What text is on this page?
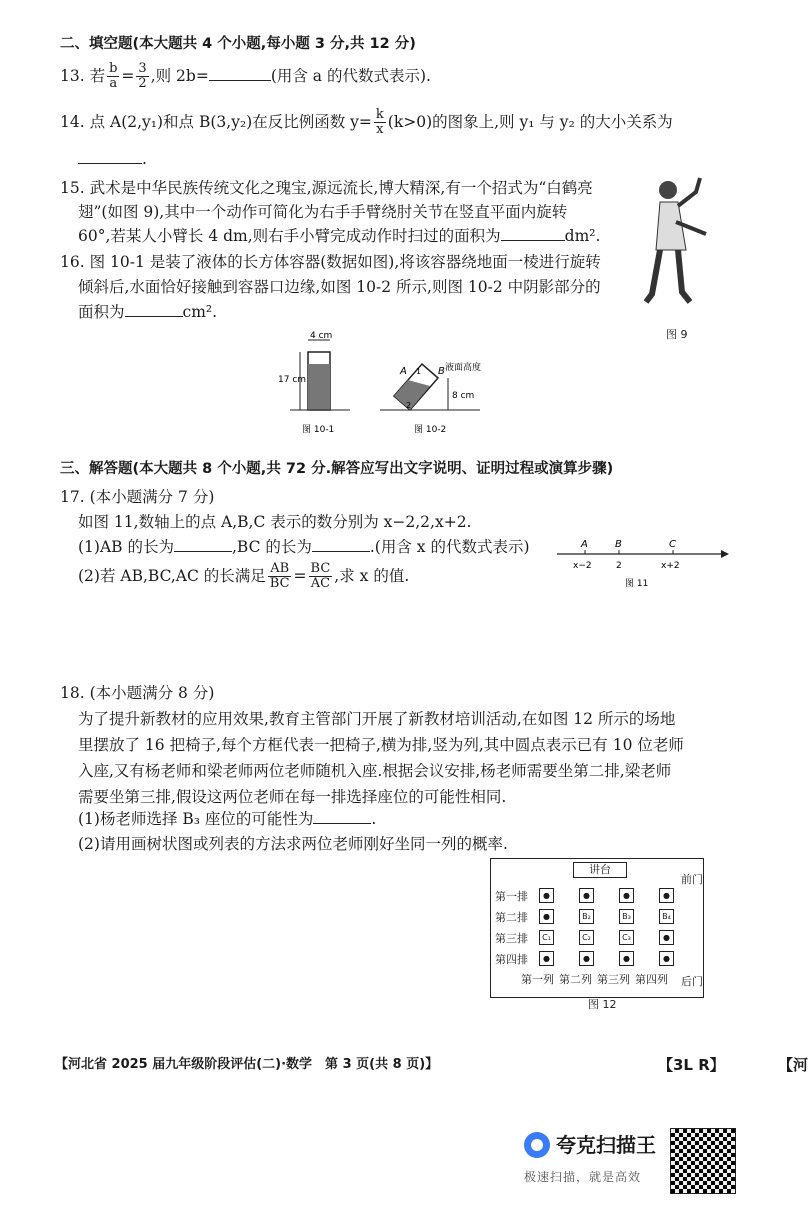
二、填空题(本大题共 4 个小题,每小题 3 分,共 12 分)
13. 若 $\frac{b}{a} = \frac{3}{2}$ ,则 2b=	(用含 a 的代数式表示).
14. 点 A(2,y₁)和点 B(3,y₂)在反比例函数 $y= \frac{k}{x} (k>0)$的图象上,则 y₁ 与 y₂ 的大小关系为
.
15. 武术是中华民族传统文化之瑰宝,源远流长,博大精深,有一个招式为“白鹤亮
翅”(如图 9),其中一个动作可简化为右手手臂绕肘关节在竖直平面内旋转
60°,若某人小臂长 4 dm,则右手小臂完成动作时扫过的面积为	dm².
16. 图 10-1 是装了液体的长方体容器(数据如图),将该容器绕地面一棱进行旋转
倾斜后,水面恰好接触到容器口边缘,如图 10-2 所示,则图 10-2 中阴影部分的
面积为	cm².
图 9
4 cm
17 cm
A	B
1
2
液面高度
8 cm
图 10-1	图 10-2
三、解答题(本大题共 8 个小题,共 72 分.解答应写出文字说明、证明过程或演算步骤)
17. (本小题满分 7 分)
如图 11,数轴上的点 A,B,C 表示的数分别为 x−2,2,x+2.
(1)AB 的长为	,BC 的长为	.(用含 x 的代数式表示)
(2)若 AB,BC,AC 的长满足 $\frac{AB}{BC} = \frac{BC}{AC}$ ,求 x 的值.
A	B	C
x−2	2	x+2
图 11
18. (本小题满分 8 分)
为了提升新教材的应用效果,教育主管部门开展了新教材培训活动,在如图 12 所示的场地
里摆放了 16 把椅子,每个方框代表一把椅子,横为排,竖为列,其中圆点表示已有 10 位老师
入座,又有杨老师和梁老师两位老师随机入座.根据会议安排,杨老师需要坐第二排,梁老师
需要坐第三排,假设这两位老师在每一排选择座位的可能性相同.
(1)杨老师选择 B₃ 座位的可能性为	.
(2)请用画树状图或列表的方法求两位老师刚好坐同一列的概率.
讲台
前门
后门
第一排	●	●	●	●
第二排	●	B₂	B₃	B₄
第三排	C₁	C₂	C₃	●
第四排	●	●	●	●
第一列 第二列 第三列 第四列
图 12
【河北省 2025 届九年级阶段评估(二)·数学　第 3 页(共 8 页)】	【3L R】	【河
夸克扫描王
极速扫描，就是高效
